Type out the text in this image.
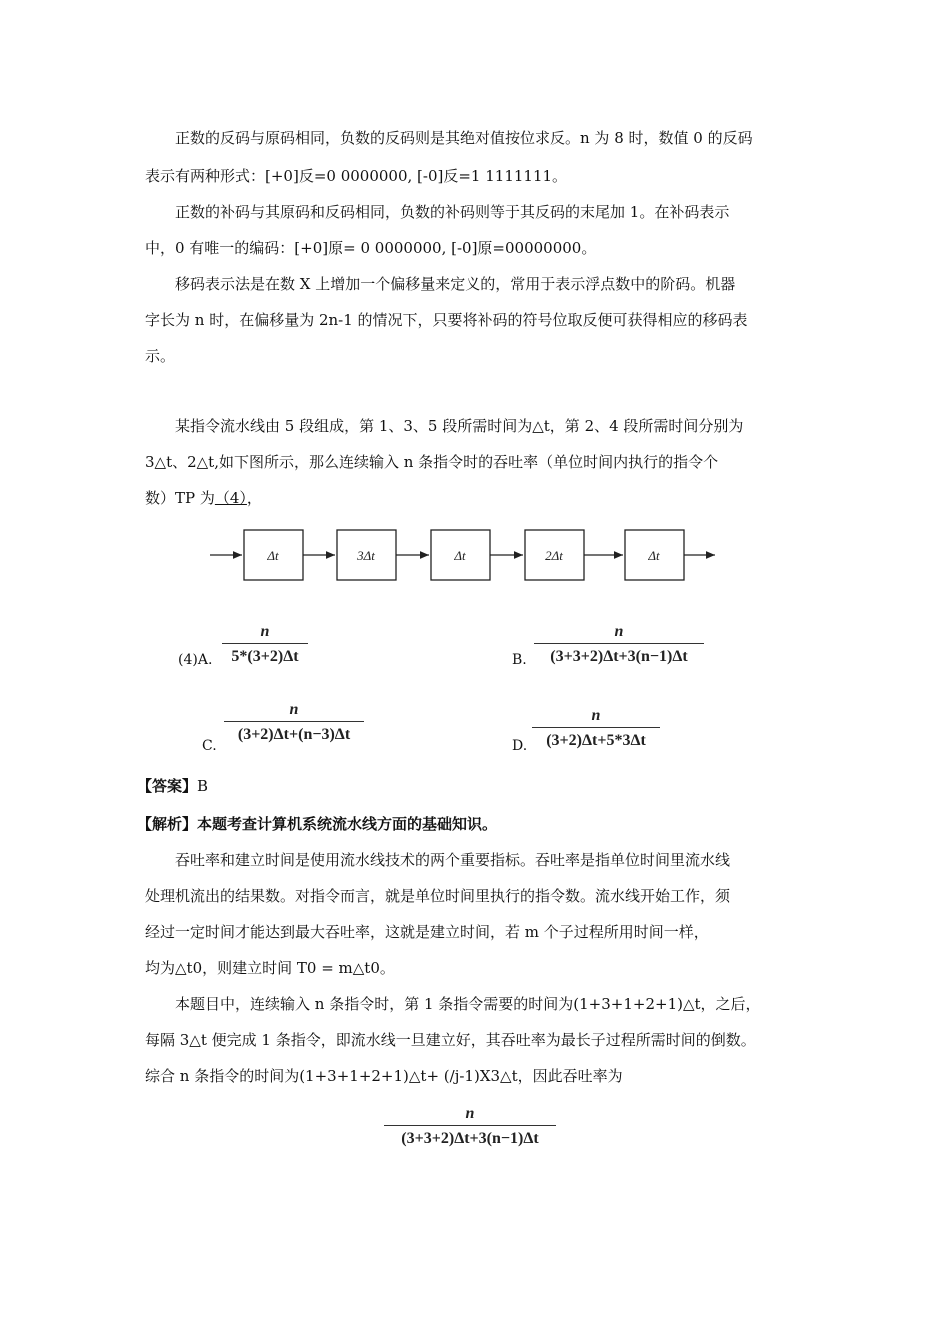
正数的反码与原码相同，负数的反码则是其绝对值按位求反。n 为 8 时，数值 0 的反码

表示有两种形式：[+0]反=0 0000000, [-0]反=1 1111111。

正数的补码与其原码和反码相同，负数的补码则等于其反码的末尾加 1。在补码表示

中，0 有唯一的编码：[+0]原= 0 0000000, [-0]原=00000000。

移码表示法是在数 X 上增加一个偏移量来定义的，常用于表示浮点数中的阶码。机器

字长为 n 时，在偏移量为 2n-1 的情况下，只要将补码的符号位取反便可获得相应的移码表

示。

某指令流水线由 5 段组成，第 1、3、5 段所需时间为△t，第 2、4 段所需时间分别为

3△t、2△t,如下图所示，那么连续输入 n 条指令时的吞吐率（单位时间内执行的指令个

数）TP 为（4），

Δt	3Δt	Δt	2Δt	Δt
(4)A.
n
5*(3+2)Δt	B.
n
(3+3+2)Δt+3(n−1)Δt
C.
n
(3+2)Δt+(n−3)Δt
D.
n
(3+2)Δt+5*3Δt

【答案】B

【解析】本题考查计算机系统流水线方面的基础知识。

吞吐率和建立时间是使用流水线技术的两个重要指标。吞吐率是指单位时间里流水线

处理机流出的结果数。对指令而言，就是单位时间里执行的指令数。流水线开始工作，须

经过一定时间才能达到最大吞吐率，这就是建立时间，若 m 个子过程所用时间一样，

均为△t0，则建立时间 T0 = m△t0。

本题目中，连续输入 n 条指令时，第 1 条指令需要的时间为(1+3+1+2+1)△t，之后，

每隔 3△t 便完成 1 条指令，即流水线一旦建立好，其吞吐率为最长子过程所需时间的倒数。

综合 n 条指令的时间为(1+3+1+2+1)△t+ (/j-1)X3△t，因此吞吐率为

n
(3+3+2)Δt+3(n−1)Δt
